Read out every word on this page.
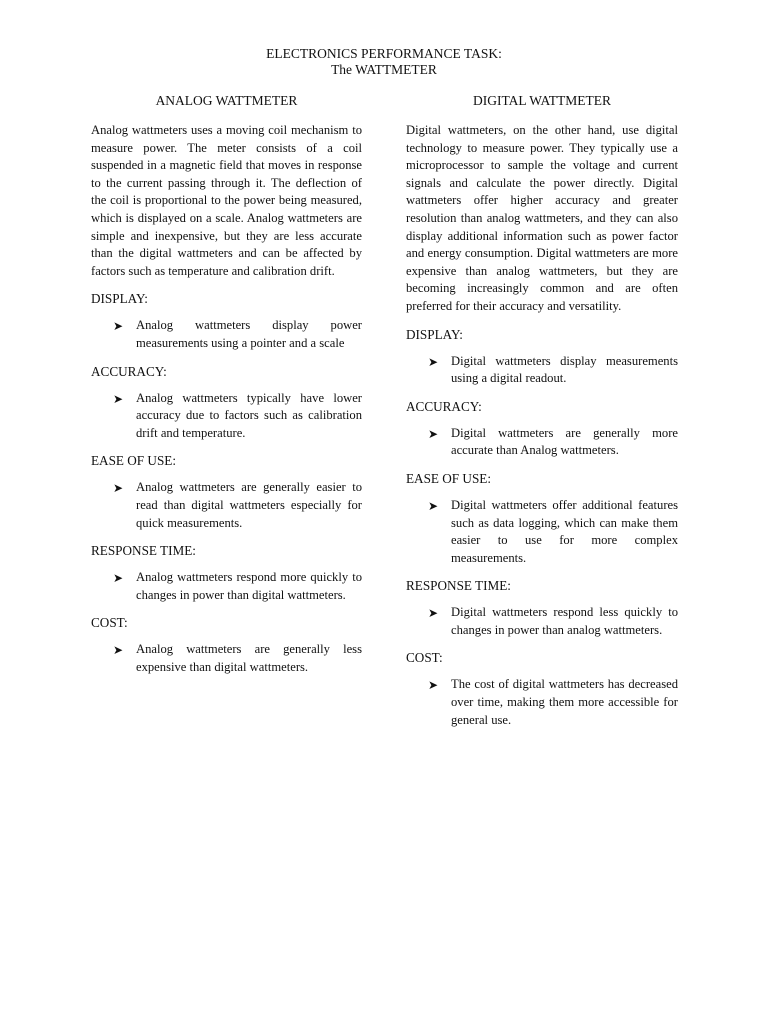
ELECTRONICS PERFORMANCE TASK:
The WATTMETER
ANALOG WATTMETER

Analog wattmeters uses a moving coil mechanism to measure power. The meter consists of a coil suspended in a magnetic field that moves in response to the current passing through it. The deflection of the coil is proportional to the power being measured, which is displayed on a scale. Analog wattmeters are simple and inexpensive, but they are less accurate than the digital wattmeters and can be affected by factors such as temperature and calibration drift.

DISPLAY:
➤ Analog wattmeters display power measurements using a pointer and a scale
ACCURACY:
➤ Analog wattmeters typically have lower accuracy due to factors such as calibration drift and temperature.
EASE OF USE:
➤ Analog wattmeters are generally easier to read than digital wattmeters especially for quick measurements.
RESPONSE TIME:
➤ Analog wattmeters respond more quickly to changes in power than digital wattmeters.
COST:
➤ Analog wattmeters are generally less expensive than digital wattmeters.
DIGITAL WATTMETER

Digital wattmeters, on the other hand, use digital technology to measure power. They typically use a microprocessor to sample the voltage and current signals and calculate the power directly. Digital wattmeters offer higher accuracy and greater resolution than analog wattmeters, and they can also display additional information such as power factor and energy consumption. Digital wattmeters are more expensive than analog wattmeters, but they are becoming increasingly common and are often preferred for their accuracy and versatility.

DISPLAY:
➤ Digital wattmeters display measurements using a digital readout.
ACCURACY:
➤ Digital wattmeters are generally more accurate than Analog wattmeters.
EASE OF USE:
➤ Digital wattmeters offer additional features such as data logging, which can make them easier to use for more complex measurements.
RESPONSE TIME:
➤ Digital wattmeters respond less quickly to changes in power than analog wattmeters.
COST:
➤ The cost of digital wattmeters has decreased over time, making them more accessible for general use.
